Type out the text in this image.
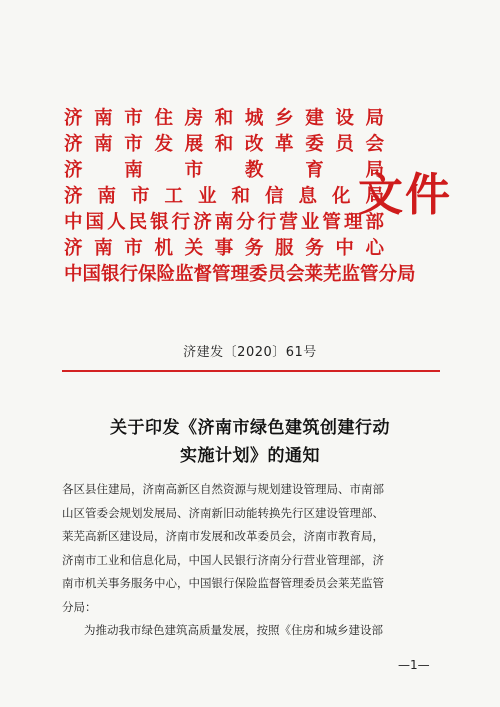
济南市住房和城乡建设局
济南市发展和改革委员会
济南市教育局
济南市工业和信息化局
中国人民银行济南分行营业管理部
济南市机关事务服务中心
中国银行保险监督管理委员会莱芜监管分局
文件
济建发〔2020〕61号
关于印发《济南市绿色建筑创建行动
实施计划》的通知
各区县住建局，济南高新区自然资源与规划建设管理局、市南部
山区管委会规划发展局、济南新旧动能转换先行区建设管理部、
莱芜高新区建设局，济南市发展和改革委员会，济南市教育局，
济南市工业和信息化局，中国人民银行济南分行营业管理部，济
南市机关事务服务中心，中国银行保险监督管理委员会莱芜监管
分局：
为推动我市绿色建筑高质量发展，按照《住房和城乡建设部
—1—
